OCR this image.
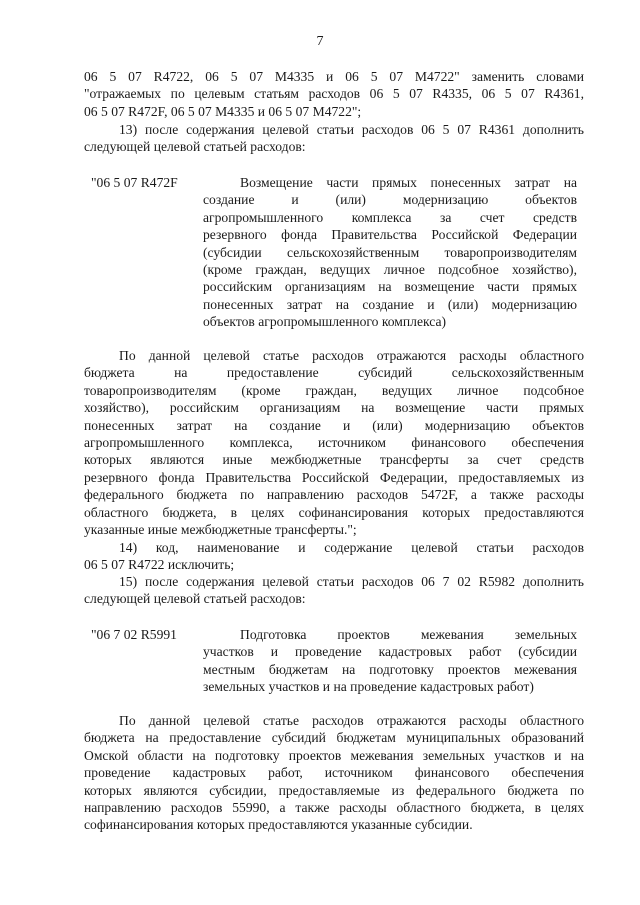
7
06 5 07 R4722, 06 5 07 M4335 и 06 5 07 M4722" заменить словами
"отражаемых по целевым статьям расходов 06 5 07 R4335, 06 5 07 R4361,
06 5 07 R472F, 06 5 07 M4335 и 06 5 07 M4722";
13) после содержания целевой статьи расходов 06 5 07 R4361 дополнить
следующей целевой статьей расходов:
"06 5 07 R472F	Возмещение части прямых понесенных затрат на
создание и (или) модернизацию объектов
агропромышленного комплекса за счет средств
резервного фонда Правительства Российской Федерации
(субсидии сельскохозяйственным товаропроизводителям
(кроме граждан, ведущих личное подсобное хозяйство),
российским организациям на возмещение части прямых
понесенных затрат на создание и (или) модернизацию
объектов агропромышленного комплекса)
По данной целевой статье расходов отражаются расходы областного
бюджета на предоставление субсидий сельскохозяйственным
товаропроизводителям (кроме граждан, ведущих личное подсобное
хозяйство), российским организациям на возмещение части прямых
понесенных затрат на создание и (или) модернизацию объектов
агропромышленного комплекса, источником финансового обеспечения
которых являются иные межбюджетные трансферты за счет средств
резервного фонда Правительства Российской Федерации, предоставляемых из
федерального бюджета по направлению расходов 5472F, а также расходы
областного бюджета, в целях софинансирования которых предоставляются
указанные иные межбюджетные трансферты.";
14) код, наименование и содержание целевой статьи расходов
06 5 07 R4722 исключить;
15) после содержания целевой статьи расходов 06 7 02 R5982 дополнить
следующей целевой статьей расходов:
"06 7 02 R5991	Подготовка проектов межевания земельных
участков и проведение кадастровых работ (субсидии
местным бюджетам на подготовку проектов межевания
земельных участков и на проведение кадастровых работ)
По данной целевой статье расходов отражаются расходы областного
бюджета на предоставление субсидий бюджетам муниципальных образований
Омской области на подготовку проектов межевания земельных участков и на
проведение кадастровых работ, источником финансового обеспечения
которых являются субсидии, предоставляемые из федерального бюджета по
направлению расходов 55990, а также расходы областного бюджета, в целях
софинансирования которых предоставляются указанные субсидии.
